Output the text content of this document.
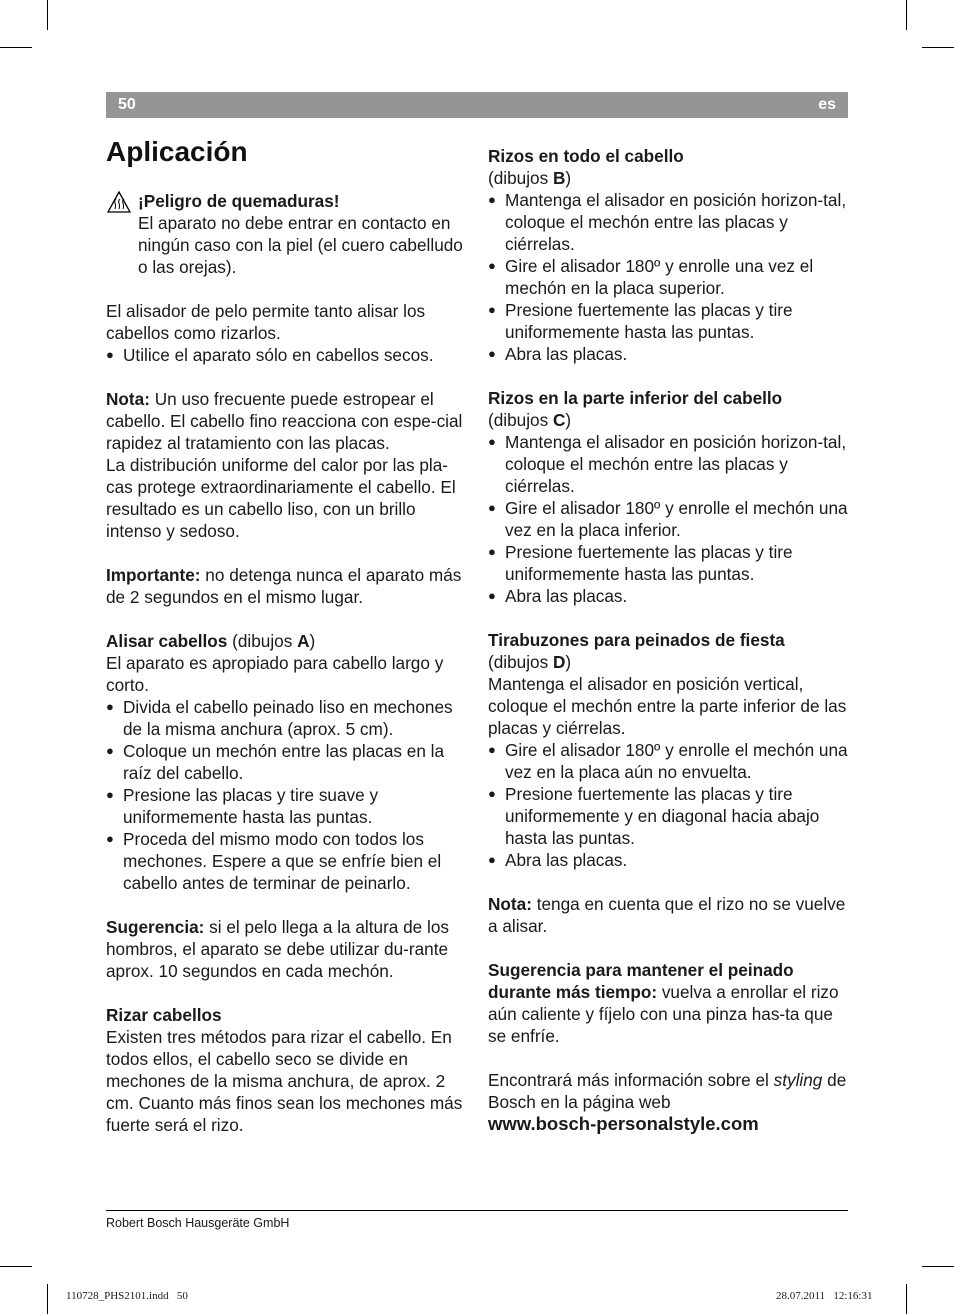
50	es
Aplicación

¡Peligro de quemaduras!

El aparato no debe entrar en contacto en ningún caso con la piel (el cuero cabelludo o las orejas).

El alisador de pelo permite tanto alisar los cabellos como rizarlos.

● Utilice el aparato sólo en cabellos secos.

Nota: Un uso frecuente puede estropear el cabello. El cabello fino reacciona con espe-cial rapidez al tratamiento con las placas.

La distribución uniforme del calor por las pla-cas protege extraordinariamente el cabello. El resultado es un cabello liso, con un brillo intenso y sedoso.

Importante: no detenga nunca el aparato más de 2 segundos en el mismo lugar.

Alisar cabellos (dibujos A)

El aparato es apropiado para cabello largo y corto.

● Divida el cabello peinado liso en mechones de la misma anchura (aprox. 5 cm).
● Coloque un mechón entre las placas en la raíz del cabello.
● Presione las placas y tire suave y uniformemente hasta las puntas.
● Proceda del mismo modo con todos los mechones. Espere a que se enfríe bien el cabello antes de terminar de peinarlo.

Sugerencia: si el pelo llega a la altura de los hombros, el aparato se debe utilizar du-rante aprox. 10 segundos en cada mechón.

Rizar cabellos

Existen tres métodos para rizar el cabello. En todos ellos, el cabello seco se divide en mechones de la misma anchura, de aprox. 2 cm. Cuanto más finos sean los mechones más fuerte será el rizo.

Rizos en todo el cabello

(dibujos B)

● Mantenga el alisador en posición horizon-tal, coloque el mechón entre las placas y ciérrelas.
● Gire el alisador 180º y enrolle una vez el mechón en la placa superior.
● Presione fuertemente las placas y tire uniformemente hasta las puntas.
● Abra las placas.

Rizos en la parte inferior del cabello

(dibujos C)

● Mantenga el alisador en posición horizon-tal, coloque el mechón entre las placas y ciérrelas.
● Gire el alisador 180º y enrolle el mechón una vez en la placa inferior.
● Presione fuertemente las placas y tire uniformemente hasta las puntas.
● Abra las placas.

Tirabuzones para peinados de fiesta

(dibujos D)

Mantenga el alisador en posición vertical, coloque el mechón entre la parte inferior de las placas y ciérrelas.

● Gire el alisador 180º y enrolle el mechón una vez en la placa aún no envuelta.
● Presione fuertemente las placas y tire uniformemente y en diagonal hacia abajo hasta las puntas.
● Abra las placas.

Nota: tenga en cuenta que el rizo no se vuelve a alisar.

Sugerencia para mantener el peinado durante más tiempo: vuelva a enrollar el rizo aún caliente y fíjelo con una pinza has-ta que se enfríe.

Encontrará más información sobre el styling de Bosch en la página web

www.bosch-personalstyle.com

Robert Bosch Hausgeräte GmbH
110728_PHS2101.indd   50	28.07.2011   12:16:31
